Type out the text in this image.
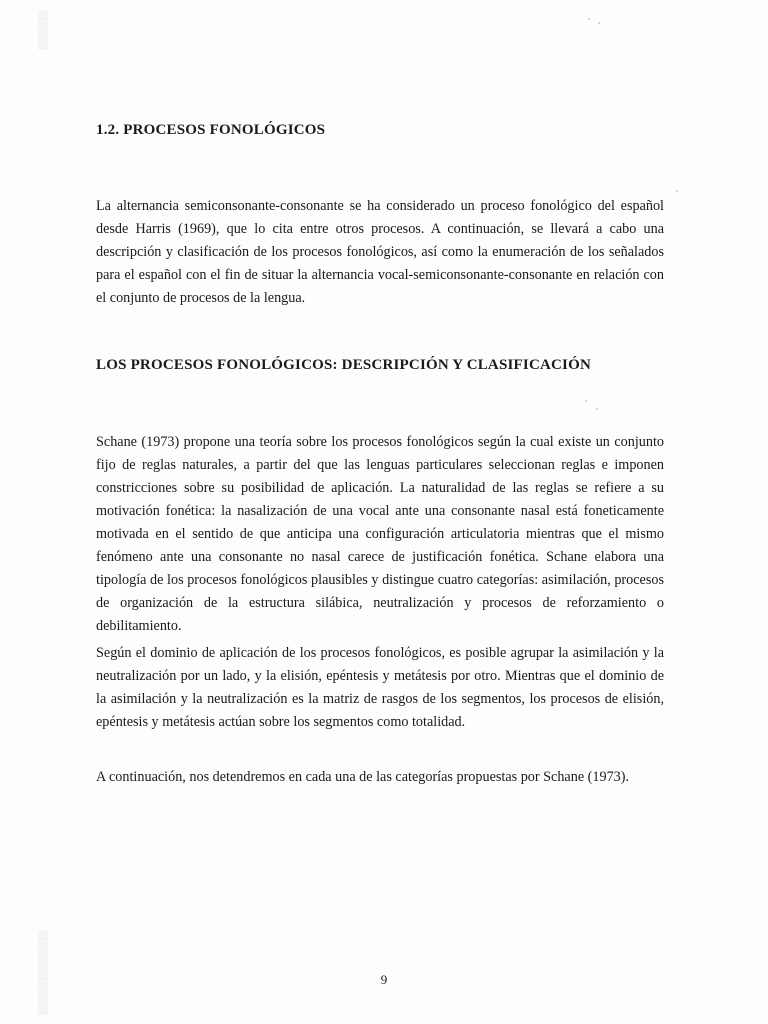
1.2. PROCESOS FONOLÓGICOS

La alternancia semiconsonante-consonante se ha considerado un proceso fonológico del español desde Harris (1969), que lo cita entre otros procesos. A continuación, se llevará a cabo una descripción y clasificación de los procesos fonológicos, así como la enumeración de los señalados para el español con el fin de situar la alternancia vocal-semiconsonante-consonante en relación con el conjunto de procesos de la lengua.

LOS PROCESOS FONOLÓGICOS: DESCRIPCIÓN Y CLASIFICACIÓN

Schane (1973) propone una teoría sobre los procesos fonológicos según la cual existe un conjunto fijo de reglas naturales, a partir del que las lenguas particulares seleccionan reglas e imponen constricciones sobre su posibilidad de aplicación. La naturalidad de las reglas se refiere a su motivación fonética: la nasalización de una vocal ante una consonante nasal está foneticamente motivada en el sentido de que anticipa una configuración articulatoria mientras que el mismo fenómeno ante una consonante no nasal carece de justificación fonética. Schane elabora una tipología de los procesos fonológicos plausibles y distingue cuatro categorías: asimilación, procesos de organización de la estructura silábica, neutralización y procesos de reforzamiento o debilitamiento.

Según el dominio de aplicación de los procesos fonológicos, es posible agrupar la asimilación y la neutralización por un lado, y la elisión, epéntesis y metátesis por otro. Mientras que el dominio de la asimilación y la neutralización es la matriz de rasgos de los segmentos, los procesos de elisión, epéntesis y metátesis actúan sobre los segmentos como totalidad.

A continuación, nos detendremos en cada una de las categorías propuestas por Schane (1973).

9
